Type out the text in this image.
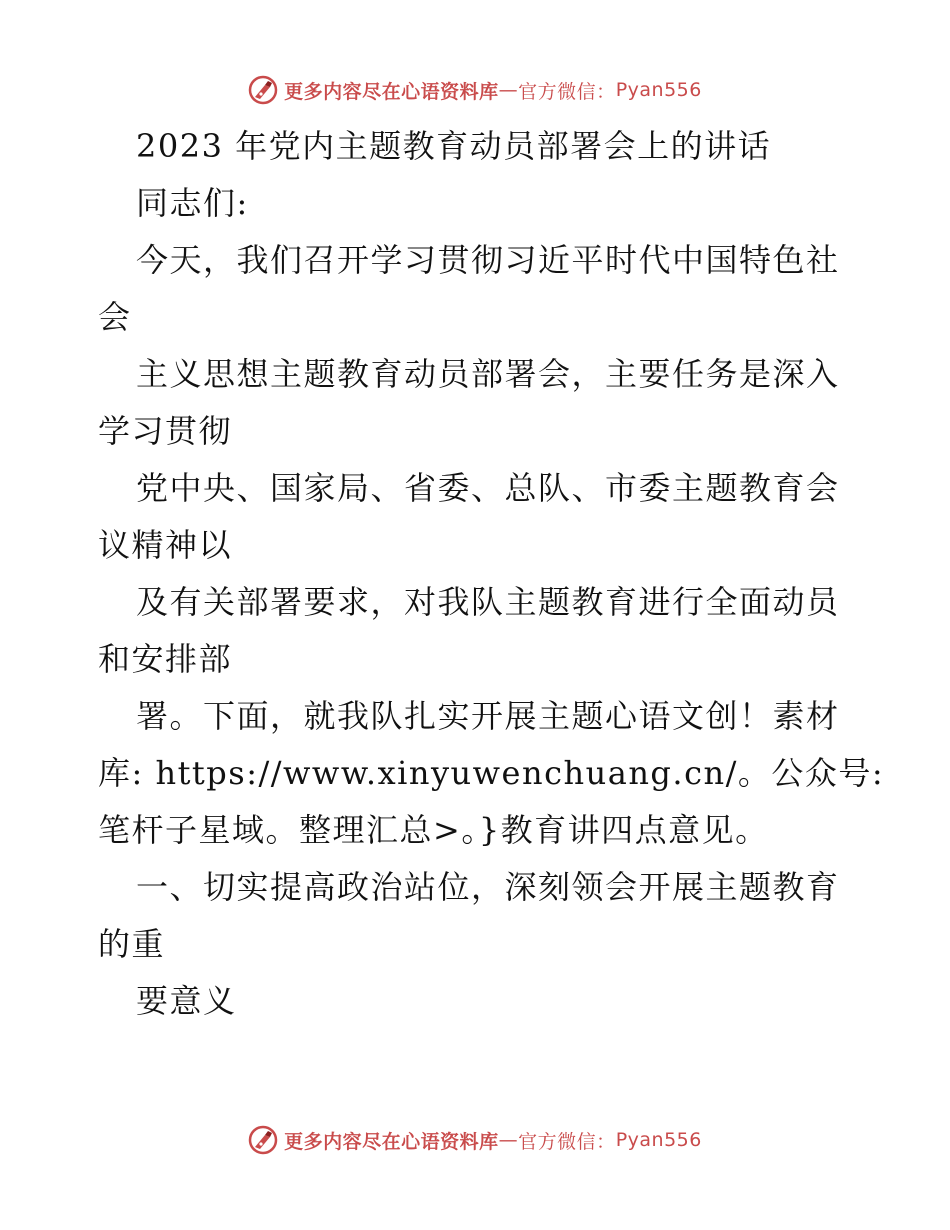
更多内容尽在心语资料库 — 官方微信： Pyan556
2023 年党内主题教育动员部署会上的讲话
同志们:
今天，我们召开学习贯彻习近平时代中国特色社
会
主义思想主题教育动员部署会，主要任务是深入
学习贯彻
党中央、国家局、省委、总队、市委主题教育会
议精神以
及有关部署要求，对我队主题教育进行全面动员
和安排部
署。下面，就我队扎实开展主题心语文创！素材
库: https://www.xinyuwenchuang.cn/。公众号:
笔杆子星域。整理汇总>。}教育讲四点意见。
一、切实提高政治站位，深刻领会开展主题教育
的重
要意义
更多内容尽在心语资料库 — 官方微信： Pyan556
